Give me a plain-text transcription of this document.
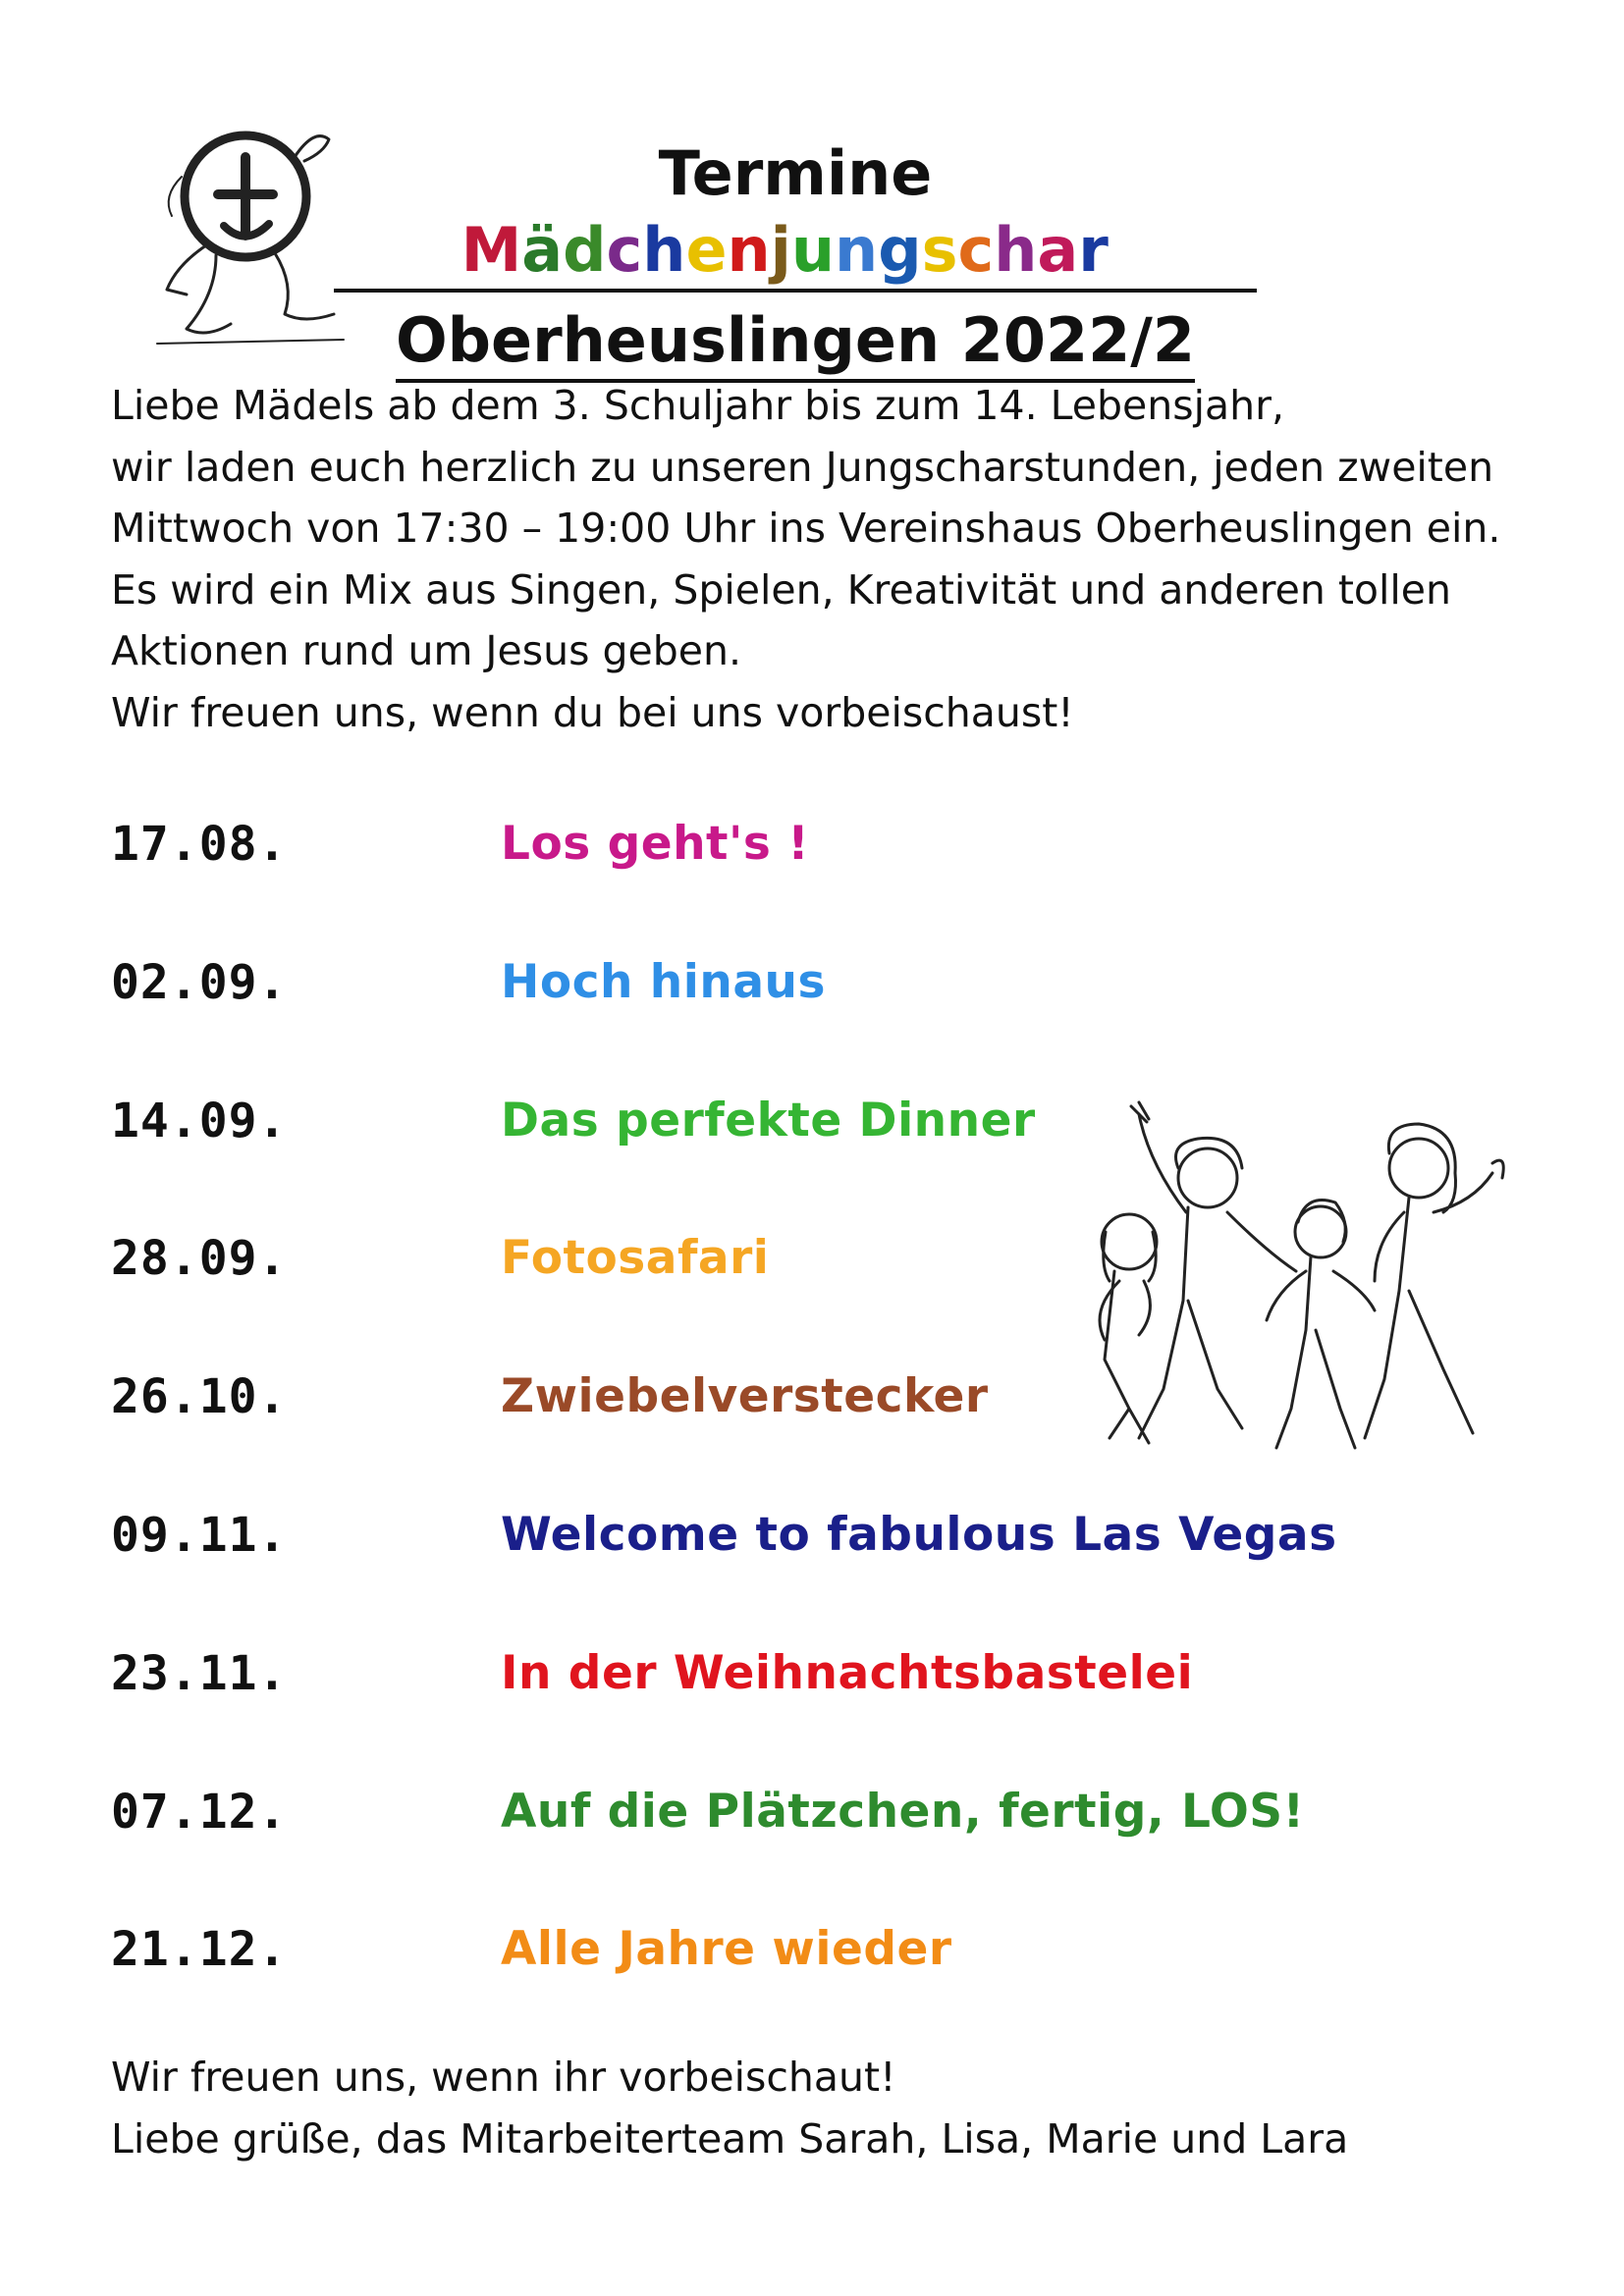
Termine Mädchenjungschar
Oberheuslingen 2022/2
Liebe Mädels ab dem 3. Schuljahr bis zum 14. Lebensjahr,
wir laden euch herzlich zu unseren Jungscharstunden, jeden zweiten
Mittwoch von 17:30 – 19:00 Uhr ins Vereinshaus Oberheuslingen ein.
Es wird ein Mix aus Singen, Spielen, Kreativität und anderen tollen
Aktionen rund um Jesus geben.
Wir freuen uns, wenn du bei uns vorbeischaust!
17.08.	Los geht's !
02.09.	Hoch hinaus
14.09.	Das perfekte Dinner
28.09.	Fotosafari
26.10.	Zwiebelverstecker
09.11.	Welcome to fabulous Las Vegas
23.11.	In der Weihnachtsbastelei
07.12.	Auf die Plätzchen, fertig, LOS!
21.12.	Alle Jahre wieder
Wir freuen uns, wenn ihr vorbeischaut!
Liebe grüße, das Mitarbeiterteam Sarah, Lisa, Marie und Lara
